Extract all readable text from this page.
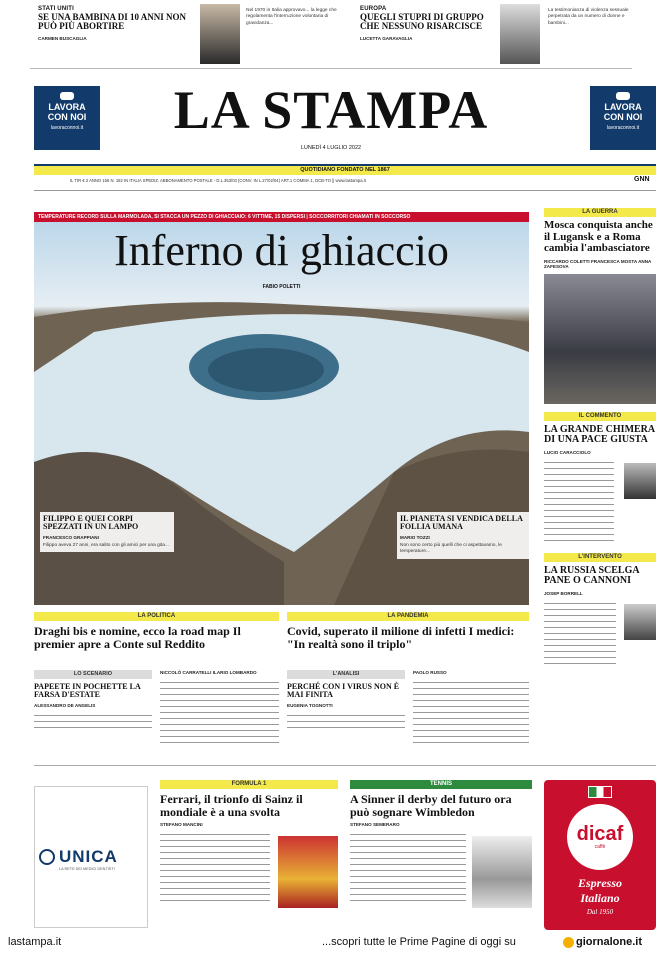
STATI UNITI
SE UNA BAMBINA DI 10 ANNI NON PUÒ PIÙ ABORTIRE
CARMEN BUSCAGLIA
Nel 1970 in Italia approvavo... la legge che regolamenta l'interruzione volontaria di gravidanza...
EUROPA
QUEGLI STUPRI DI GRUPPO CHE NESSUNO RISARCISCE
LUCETTA GARAVAGLIA
La testimonianza di violenza sessuale perpetrata da un numero di donne e bambini...
LAVORA
CON NOI
lavoraconnoi.it	LA STAMPA
LUNEDÌ 4 LUGLIO 2022
LAVORA
CON NOI
lavoraconnoi.it
QUOTIDIANO FONDATO NEL 1867
IL TIR € 2 ANNO 156 N. 182 IN ITALIA SPEDIZ. ABBONAMENTO POSTALE - D.L.353/03 (CONV. IN L.27/02/04) ART.1 COMMA 1, DCB-TO || www.lastampa.it	GNN
TEMPERATURE RECORD SULLA MARMOLADA, SI STACCA UN PEZZO DI GHIACCIAIO: 6 VITTIME, 15 DISPERSI | SOCCORRITORI CHIAMATI IN SOCCORSO
Inferno di ghiaccio
FABIO POLETTI
FILIPPO E QUEI CORPI SPEZZATI IN UN LAMPO
FRANCESCO GRAPPIANI
Filippo aveva 27 anni, era salito con gli amici per una gita...
IL PIANETA SI VENDICA DELLA FOLLIA UMANA
MARIO TOZZI
Non sono certo più quelli che ci aspettavamo, le temperature...
LA GUERRA
Mosca conquista anche il Lugansk e a Roma cambia l'ambasciatore
RICCARDO COLETTI FRANCESCA MOSTA ANNA ZAFESOVA
IL COMMENTO
LA GRANDE CHIMERA DI UNA PACE GIUSTA
LUCIO CARACCIOLO
L'INTERVENTO
LA RUSSIA SCELGA PANE O CANNONI
JOSEP BORRELL
LA POLITICA
Draghi bis e nomine, ecco la road map Il premier apre a Conte sul Reddito
LO SCENARIO
PAPEETE IN POCHETTE LA FARSA D'ESTATE
ALESSANDRO DE ANGELIS
NICCOLÒ CARRATELLI ILARIO LOMBARDO
LA PANDEMIA
Covid, superato il milione di infetti I medici: "In realtà sono il triplo"
L'ANALISI
PERCHÉ CON I VIRUS NON È MAI FINITA
EUGENIA TOGNOTTI
PAOLO RUSSO
UNICA
LA RETE DEI MEDICI DENTISTI
FORMULA 1
Ferrari, il trionfo di Sainz il mondiale è a una svolta
STEFANO MANCINI
TENNIS
A Sinner il derby del futuro ora può sognare Wimbledon
STEFANO SEMERARO	dicaf
caffè
Espresso
Italiano
Dal 1950
lastampa.it	...scopri tutte le Prime Pagine di oggi su	giornalone.it
